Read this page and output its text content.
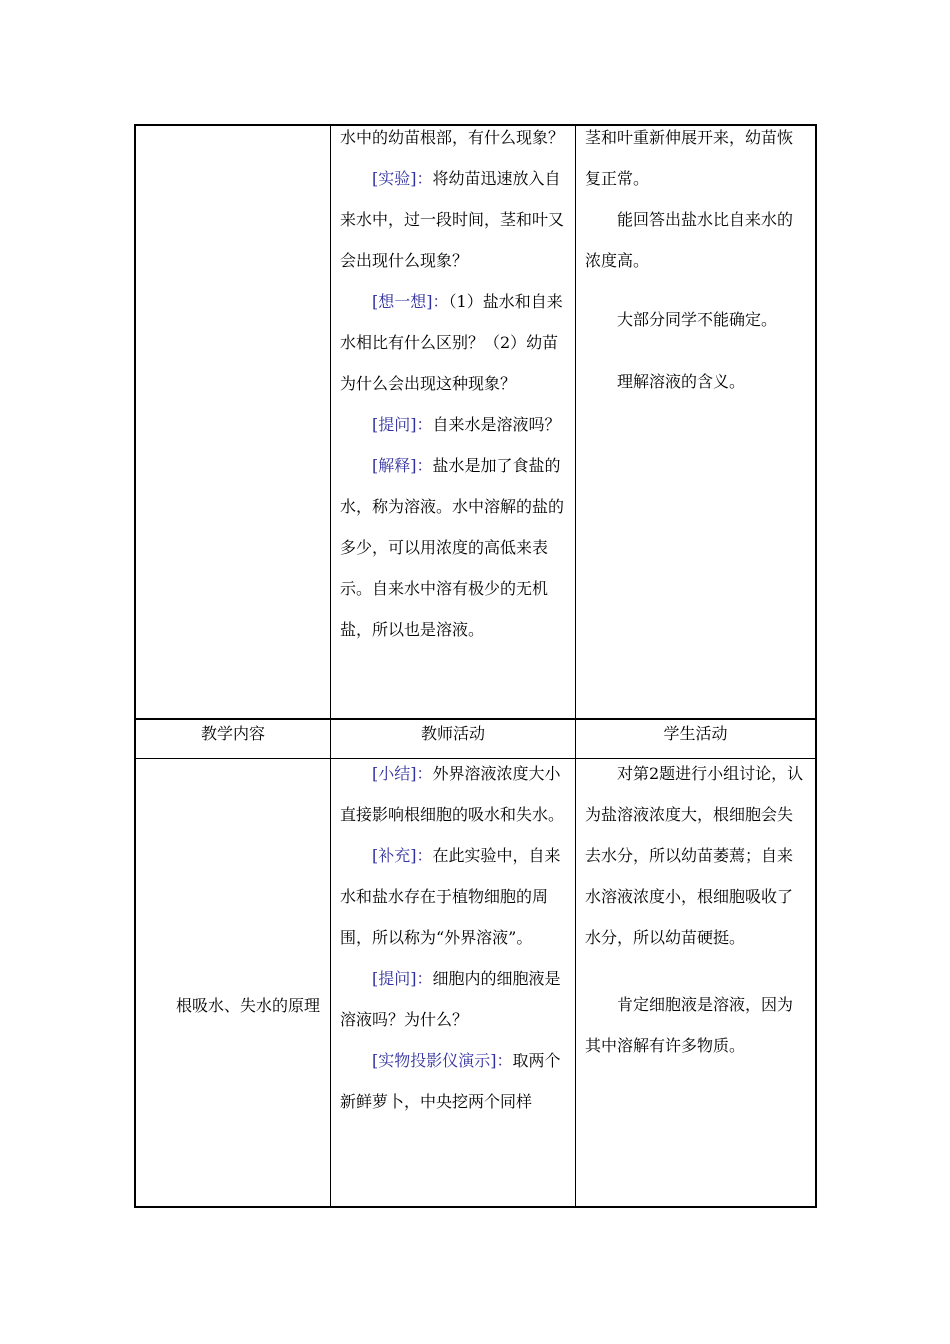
水中的幼苗根部，有什么现象？

[实验]：将幼苗迅速放入自来水中，过一段时间，茎和叶又会出现什么现象？

[想一想]：（1）盐水和自来水相比有什么区别？（2）幼苗为什么会出现这种现象？

[提问]：自来水是溶液吗？

[解释]：盐水是加了食盐的水，称为溶液。水中溶解的盐的多少，可以用浓度的高低来表示。自来水中溶有极少的无机盐，所以也是溶液。

茎和叶重新伸展开来，幼苗恢复正常。

能回答出盐水比自来水的浓度高。

大部分同学不能确定。

理解溶液的含义。

教学内容	教师活动	学生活动

根吸水、失水的原理

[小结]：外界溶液浓度大小直接影响根细胞的吸水和失水。

[补充]：在此实验中，自来水和盐水存在于植物细胞的周围，所以称为“外界溶液”。

[提问]：细胞内的细胞液是溶液吗？为什么？

[实物投影仪演示]：取两个新鲜萝卜，中央挖两个同样

对第2题进行小组讨论，认为盐溶液浓度大，根细胞会失去水分，所以幼苗萎蔫；自来水溶液浓度小，根细胞吸收了水分，所以幼苗硬挺。

肯定细胞液是溶液，因为其中溶解有许多物质。
